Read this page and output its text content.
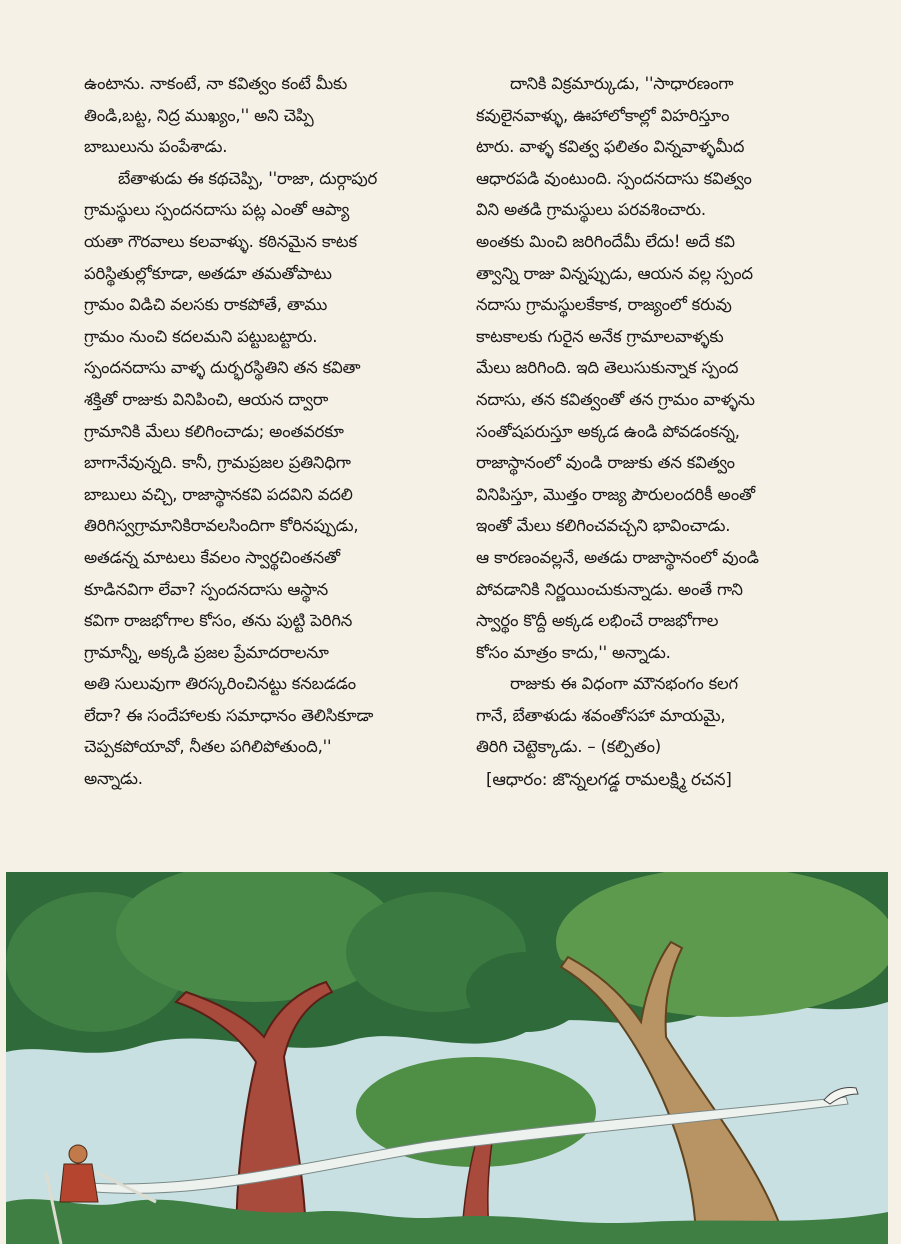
ఉంటాను. నాకంటే, నా కవిత్వం కంటే మీకు
తిండి,బట్ట, నిద్ర ముఖ్యం,'' అని చెప్పి
బాబులును పంపేశాడు.
బేతాళుడు ఈ కథచెప్పి, ''రాజా, దుర్గాపుర
గ్రామస్థులు స్పందనదాసు పట్ల ఎంతో ఆప్యా
యతా గౌరవాలు కలవాళ్ళు. కఠినమైన కాటక
పరిస్థితుల్లోకూడా, అతడూ తమతోపాటు
గ్రామం విడిచి వలసకు రాకపోతే, తాము
గ్రామం నుంచి కదలమని పట్టుబట్టారు.
స్పందనదాసు వాళ్ళ దుర్భరస్థితిని తన కవితా
శక్తితో రాజుకు వినిపించి, ఆయన ద్వారా
గ్రామానికి మేలు కలిగించాడు; అంతవరకూ
బాగానేవున్నది. కానీ, గ్రామప్రజల ప్రతినిధిగా
బాబులు వచ్చి, రాజాస్థానకవి పదవిని వదలి
తిరిగిస్వగ్రామానికిరావలసిందిగా కోరినప్పుడు,
అతడన్న మాటలు కేవలం స్వార్థచింతనతో
కూడినవిగా లేవా? స్పందనదాసు ఆస్థాన
కవిగా రాజభోగాల కోసం, తను పుట్టి పెరిగిన
గ్రామాన్నీ, అక్కడి ప్రజల ప్రేమాదరాలనూ
అతి సులువుగా తిరస్కరించినట్టు కనబడడం
లేదా? ఈ సందేహాలకు సమాధానం తెలిసికూడా
చెప్పకపోయావో, నీతల పగిలిపోతుంది,''
అన్నాడు.
దానికి విక్రమార్కుడు, ''సాధారణంగా
కవులైనవాళ్ళు, ఊహాలోకాల్లో విహరిస్తూం
టారు. వాళ్ళ కవిత్వ ఫలితం విన్నవాళ్ళమీద
ఆధారపడి వుంటుంది. స్పందనదాసు కవిత్వం
విని అతడి గ్రామస్థులు పరవశించారు.
అంతకు మించి జరిగిందేమీ లేదు! అదే కవి
త్వాన్ని రాజు విన్నప్పుడు, ఆయన వల్ల స్పంద
నదాసు గ్రామస్థులకేకాక, రాజ్యంలో కరువు
కాటకాలకు గురైన అనేక గ్రామాలవాళ్ళకు
మేలు జరిగింది. ఇది తెలుసుకున్నాక స్పంద
నదాసు, తన కవిత్వంతో తన గ్రామం వాళ్ళను
సంతోషపరుస్తూ అక్కడ ఉండి పోవడంకన్న,
రాజాస్థానంలో వుండి రాజుకు తన కవిత్వం
వినిపిస్తూ, మొత్తం రాజ్య పౌరులందరికీ అంతో
ఇంతో మేలు కలిగించవచ్చని భావించాడు.
ఆ కారణంవల్లనే, అతడు రాజాస్థానంలో వుండి
పోవడానికి నిర్ణయించుకున్నాడు. అంతే గాని
స్వార్థం కొద్దీ అక్కడ లభించే రాజభోగాల
కోసం మాత్రం కాదు,'' అన్నాడు.
రాజుకు ఈ విధంగా మౌనభంగం కలగ
గానే, బేతాళుడు శవంతోసహా మాయమై,
తిరిగి చెట్టెక్కాడు. – (కల్పితం)
[ఆధారం: జొన్నలగడ్డ రామలక్ష్మి రచన]
